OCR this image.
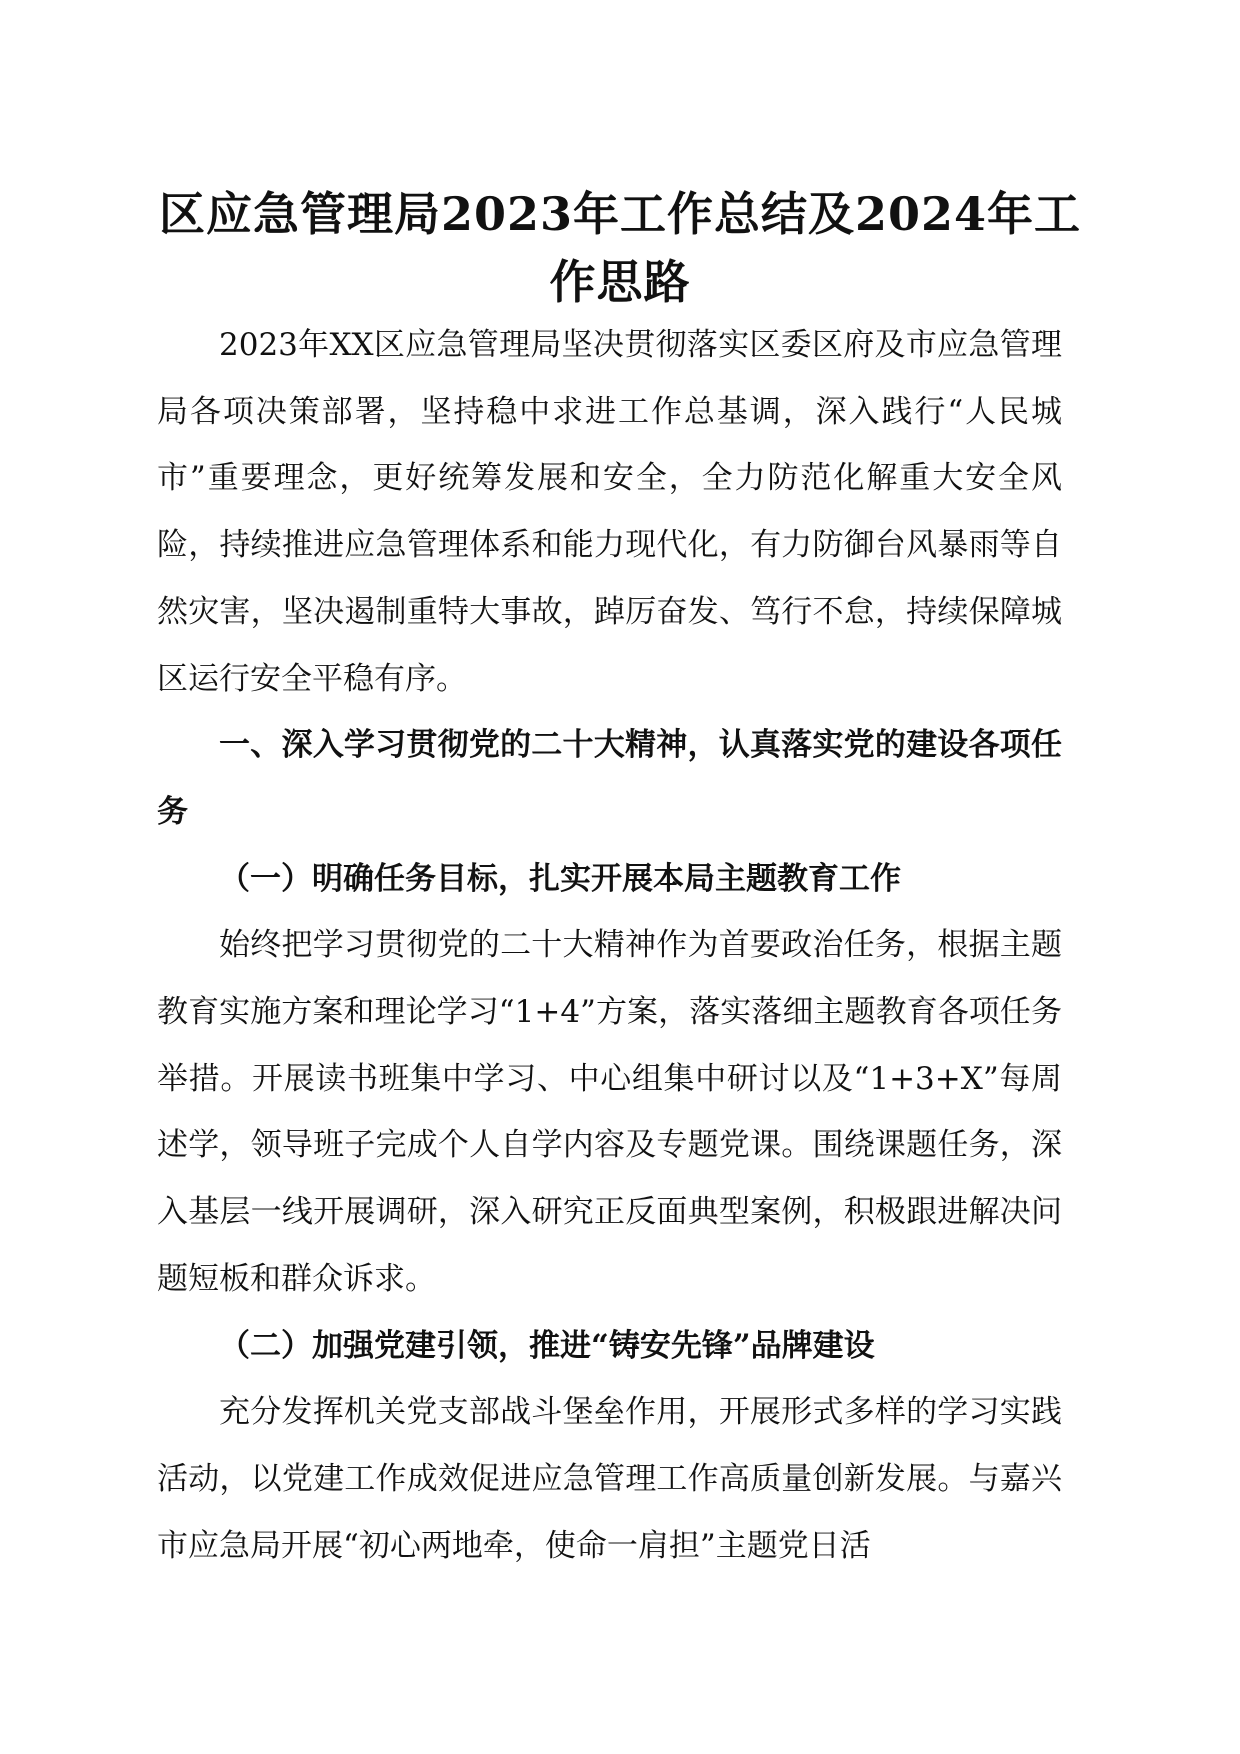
区应急管理局2023年工作总结及2024年工作思路

2023年XX区应急管理局坚决贯彻落实区委区府及市应急管理局各项决策部署，坚持稳中求进工作总基调，深入践行“人民城市”重要理念，更好统筹发展和安全，全力防范化解重大安全风险，持续推进应急管理体系和能力现代化，有力防御台风暴雨等自然灾害，坚决遏制重特大事故，踔厉奋发、笃行不怠，持续保障城区运行安全平稳有序。

一、深入学习贯彻党的二十大精神，认真落实党的建设各项任务

（一）明确任务目标，扎实开展本局主题教育工作

始终把学习贯彻党的二十大精神作为首要政治任务，根据主题教育实施方案和理论学习“1+4”方案，落实落细主题教育各项任务举措。开展读书班集中学习、中心组集中研讨以及“1+3+X”每周述学，领导班子完成个人自学内容及专题党课。围绕课题任务，深入基层一线开展调研，深入研究正反面典型案例，积极跟进解决问题短板和群众诉求。

（二）加强党建引领，推进“铸安先锋”品牌建设

充分发挥机关党支部战斗堡垒作用，开展形式多样的学习实践活动，以党建工作成效促进应急管理工作高质量创新发展。与嘉兴市应急局开展“初心两地牵，使命一肩担”主题党日活
